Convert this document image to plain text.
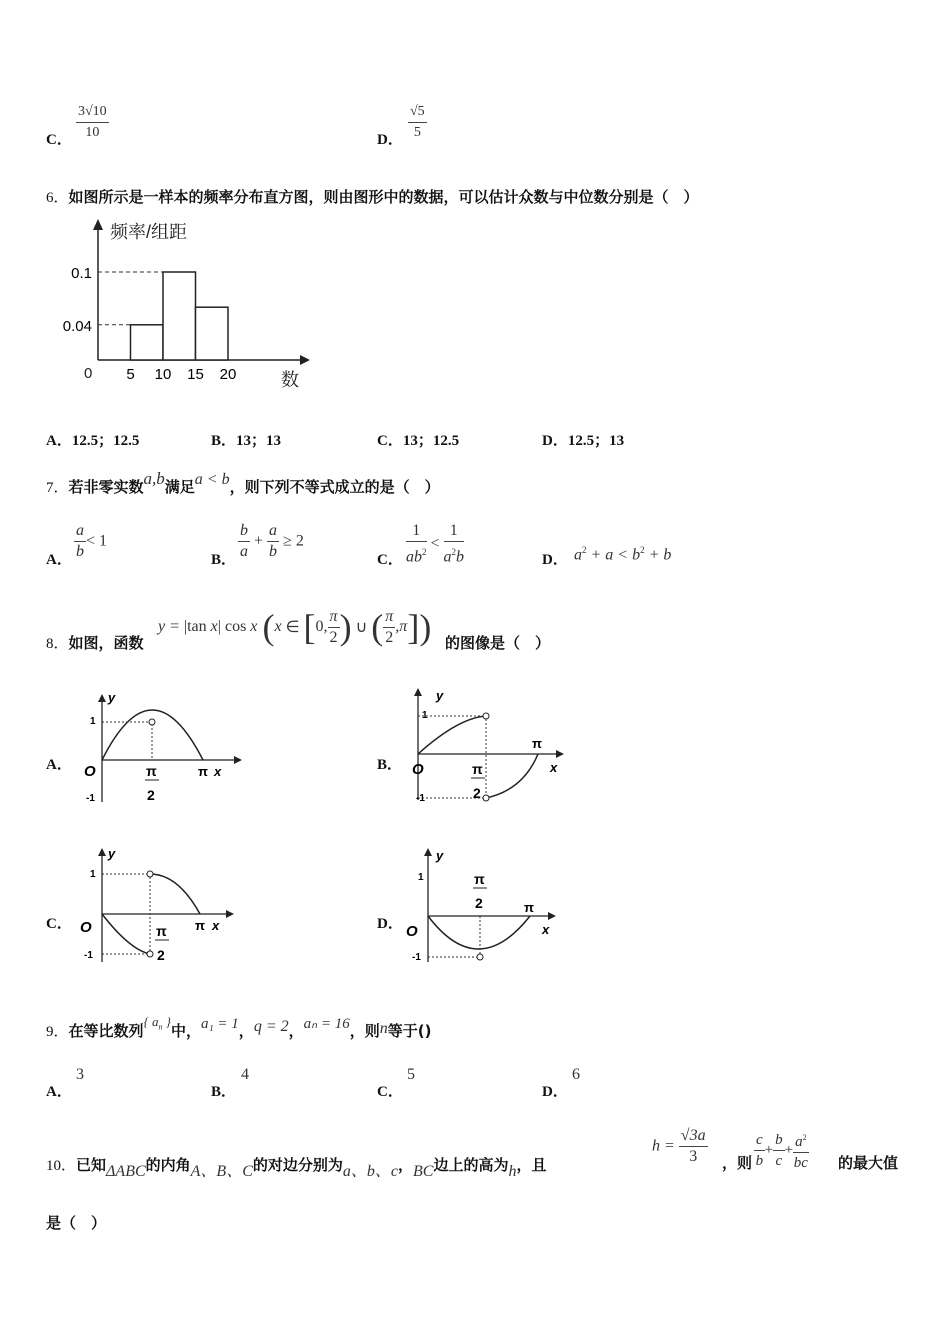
C． $\frac{3√10}{10}$	D． $\frac{√5}{5}$
6．如图所示是一样本的频率分布直方图，则由图形中的数据，可以估计众数与中位数分别是（　）
频率/组距
数
0
0.04
0.1
5 10 15 20
A．12.5；12.5	B．13；13	C．13；12.5	D．12.5；13
7．若非零实数a,b满足a < b，则下列不等式成立的是（　）
A． $\frac{a}{b} < 1$
B． $\frac{b}{a} + \frac{a}{b} \ge 2$
C． $\frac{1}{ab^2} < \frac{1}{a^2b}$	D． $a^2 + a < b^2 + b$
8．如图，函数
y = |tan x| cos x (x ∈ [0, $\frac{\pi}{2}$ ) ∪ ( $\frac{\pi}{2} ,\pi$]) 的图像是（　）
A．
y
1
O
-1
π
2
π x	B．
y
1
O
-1
π
2
π
x
C．
y
1
O
-1
π
2
π x	D．
y
1
O
-1
π
2	π
x
9．在等比数列{ $a_n$ }中，a₁ = 1，q = 2，aₙ = 16，则n等于()
A．
3
B．
4
C．
5
D．
6
10．已知ΔABC的内角A、B、C的对边分别为a、b、c，BC边上的高为h，且
$h = \frac{√3a}{3}$ ，则 $\frac{c}{b} + \frac{b}{c} + \frac{a^2}{bc}$ 的最大值
是（　）
